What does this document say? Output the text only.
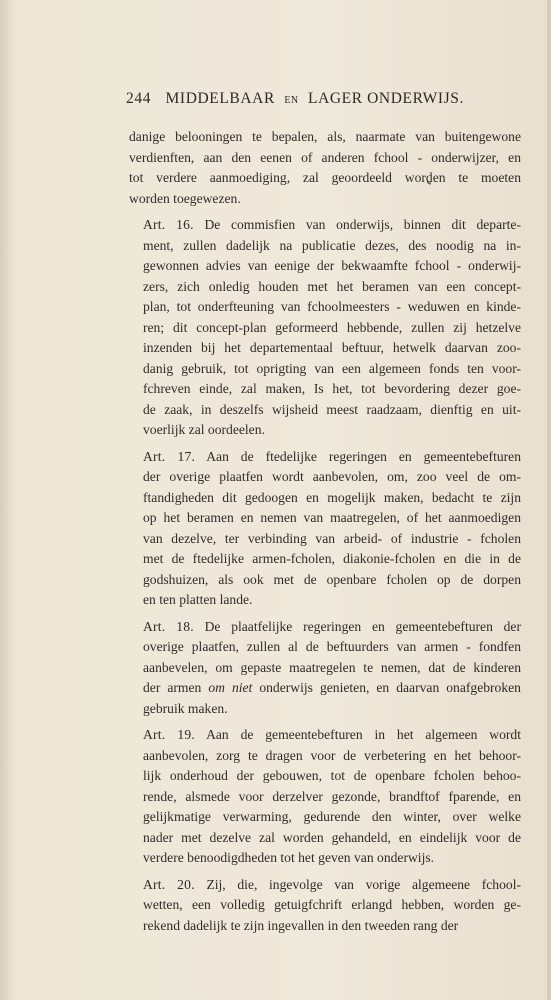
244 MIDDELBAAR EN LAGER ONDERWIJS.

danige belooningen te bepalen, als, naarmate van buitengewone
verdienften, aan den eenen of anderen fchool - onderwijzer, en
tot verdere aanmoediging, zal geoordeeld worden te moeten
worden toegewezen.

Art. 16. De commisfien van onderwijs, binnen dit departe-
ment, zullen dadelijk na publicatie dezes, des noodig na in-
gewonnen advies van eenige der bekwaamfte fchool - onderwij-
zers, zich onledig houden met het beramen van een concept-
plan, tot onderfteuning van fchoolmeesters - weduwen en kinde-
ren; dit concept-plan geformeerd hebbende, zullen zij hetzelve
inzenden bij het departementaal beftuur, hetwelk daarvan zoo-
danig gebruik, tot oprigting van een algemeen fonds ten voor-
fchreven einde, zal maken, Is het, tot bevordering dezer goe-
de zaak, in deszelfs wijsheid meest raadzaam, dienftig en uit-
voerlijk zal oordeelen.

Art. 17. Aan de ftedelijke regeringen en gemeentebefturen
der overige plaatfen wordt aanbevolen, om, zoo veel de om-
ftandigheden dit gedoogen en mogelijk maken, bedacht te zijn
op het beramen en nemen van maatregelen, of het aanmoedigen
van dezelve, ter verbinding van arbeid- of industrie - fcholen
met de ftedelijke armen-fcholen, diakonie-fcholen en die in de
godshuizen, als ook met de openbare fcholen op de dorpen
en ten platten lande.

Art. 18. De plaatfelijke regeringen en gemeentebefturen der
overige plaatfen, zullen al de beftuurders van armen - fondfen
aanbevelen, om gepaste maatregelen te nemen, dat de kinderen
der armen om niet onderwijs genieten, en daarvan onafgebroken
gebruik maken.

Art. 19. Aan de gemeentebefturen in het algemeen wordt
aanbevolen, zorg te dragen voor de verbetering en het behoor-
lijk onderhoud der gebouwen, tot de openbare fcholen behoo-
rende, alsmede voor derzelver gezonde, brandftof fparende, en
gelijkmatige verwarming, gedurende den winter, over welke
nader met dezelve zal worden gehandeld, en eindelijk voor de
verdere benoodigdheden tot het geven van onderwijs.

Art. 20. Zij, die, ingevolge van vorige algemeene fchool-
wetten, een volledig getuigfchrift erlangd hebben, worden ge-
rekend dadelijk te zijn ingevallen in den tweeden rang der
